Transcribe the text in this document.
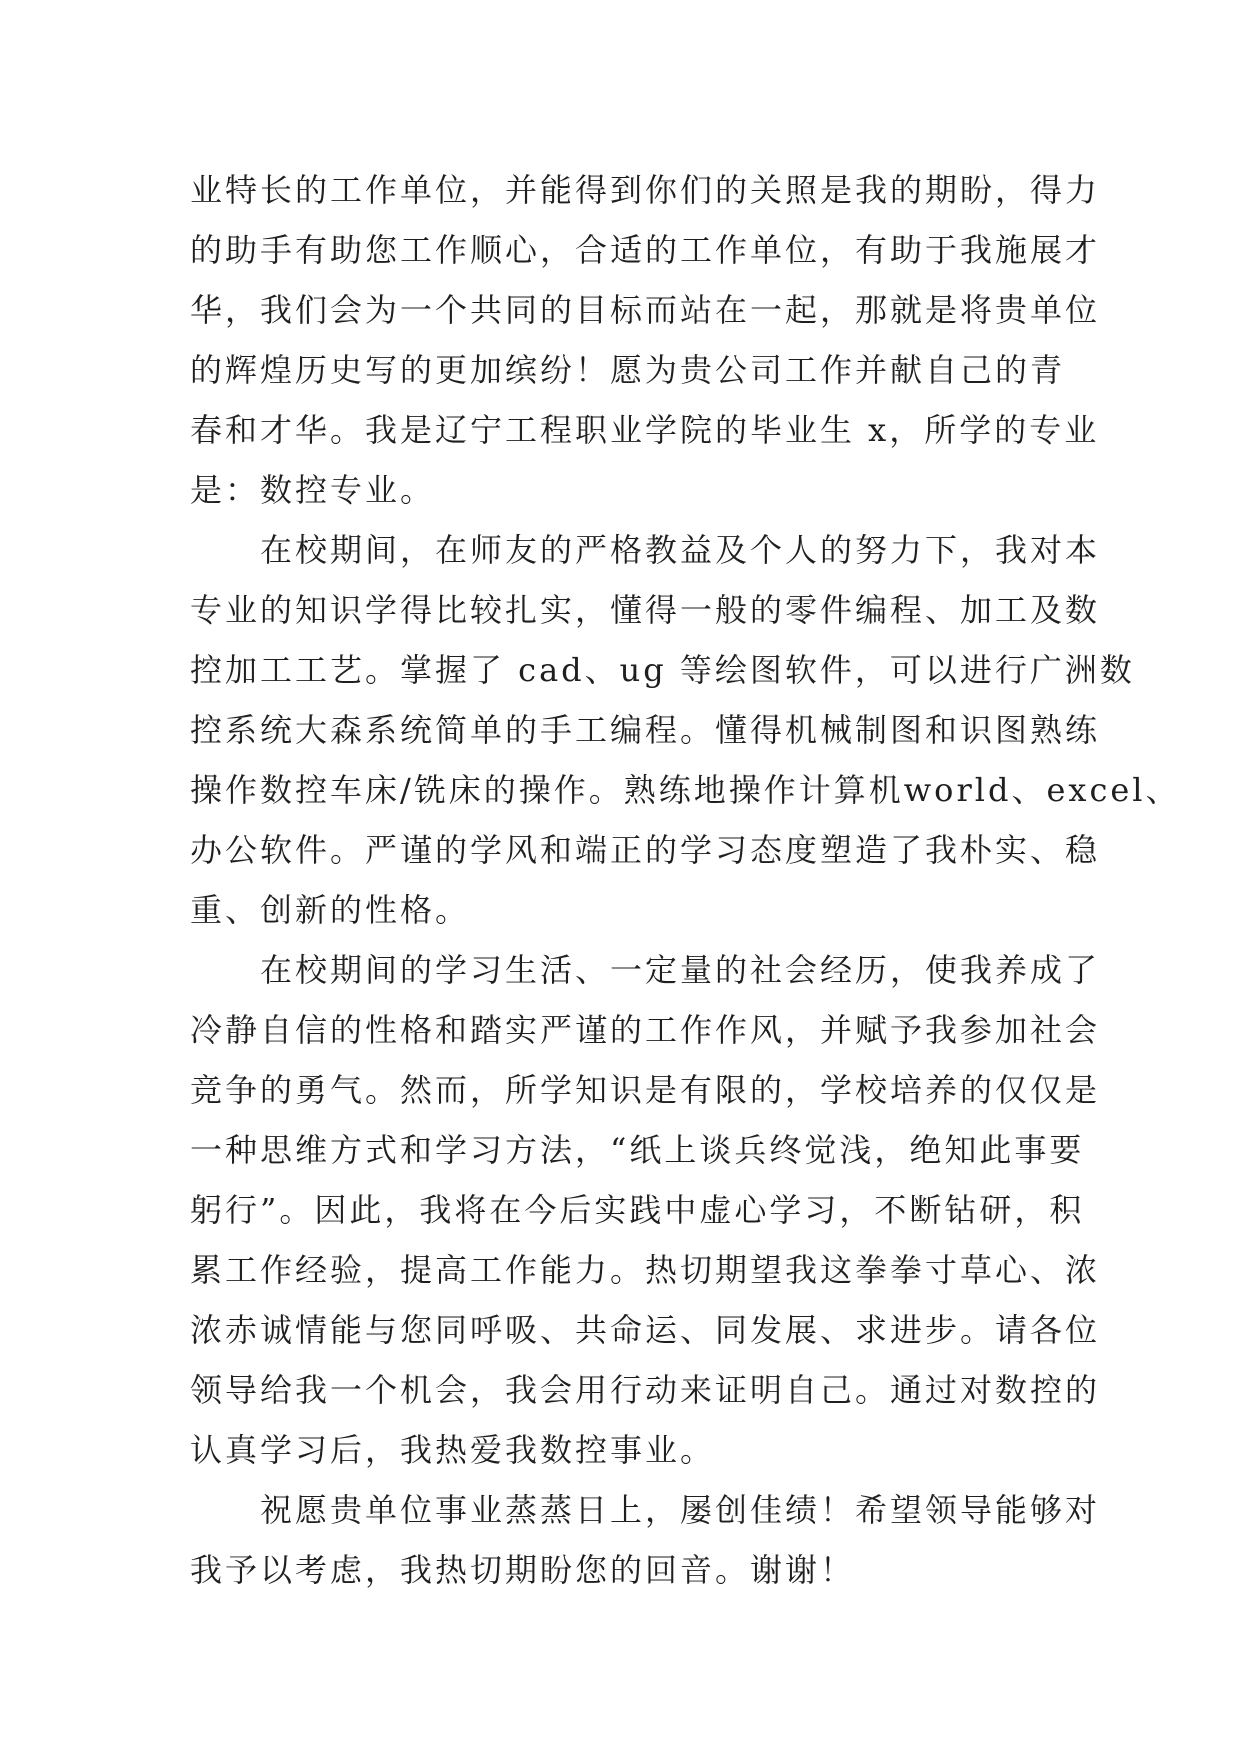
业特长的工作单位，并能得到你们的关照是我的期盼，得力
的助手有助您工作顺心，合适的工作单位，有助于我施展才
华，我们会为一个共同的目标而站在一起，那就是将贵单位
的辉煌历史写的更加缤纷！愿为贵公司工作并献自己的青
春和才华。我是辽宁工程职业学院的毕业生 x，所学的专业
是：数控专业。
在校期间，在师友的严格教益及个人的努力下，我对本
专业的知识学得比较扎实，懂得一般的零件编程、加工及数
控加工工艺。掌握了 cad、ug 等绘图软件，可以进行广洲数
控系统大森系统简单的手工编程。懂得机械制图和识图熟练
操作数控车床/铣床的操作。熟练地操作计算机world、excel、
办公软件。严谨的学风和端正的学习态度塑造了我朴实、稳
重、创新的性格。
在校期间的学习生活、一定量的社会经历，使我养成了
冷静自信的性格和踏实严谨的工作作风，并赋予我参加社会
竞争的勇气。然而，所学知识是有限的，学校培养的仅仅是
一种思维方式和学习方法，“纸上谈兵终觉浅，绝知此事要
躬行”。因此，我将在今后实践中虚心学习，不断钻研，积
累工作经验，提高工作能力。热切期望我这拳拳寸草心、浓
浓赤诚情能与您同呼吸、共命运、同发展、求进步。请各位
领导给我一个机会，我会用行动来证明自己。通过对数控的
认真学习后，我热爱我数控事业。
祝愿贵单位事业蒸蒸日上，屡创佳绩！希望领导能够对
我予以考虑，我热切期盼您的回音。谢谢！
